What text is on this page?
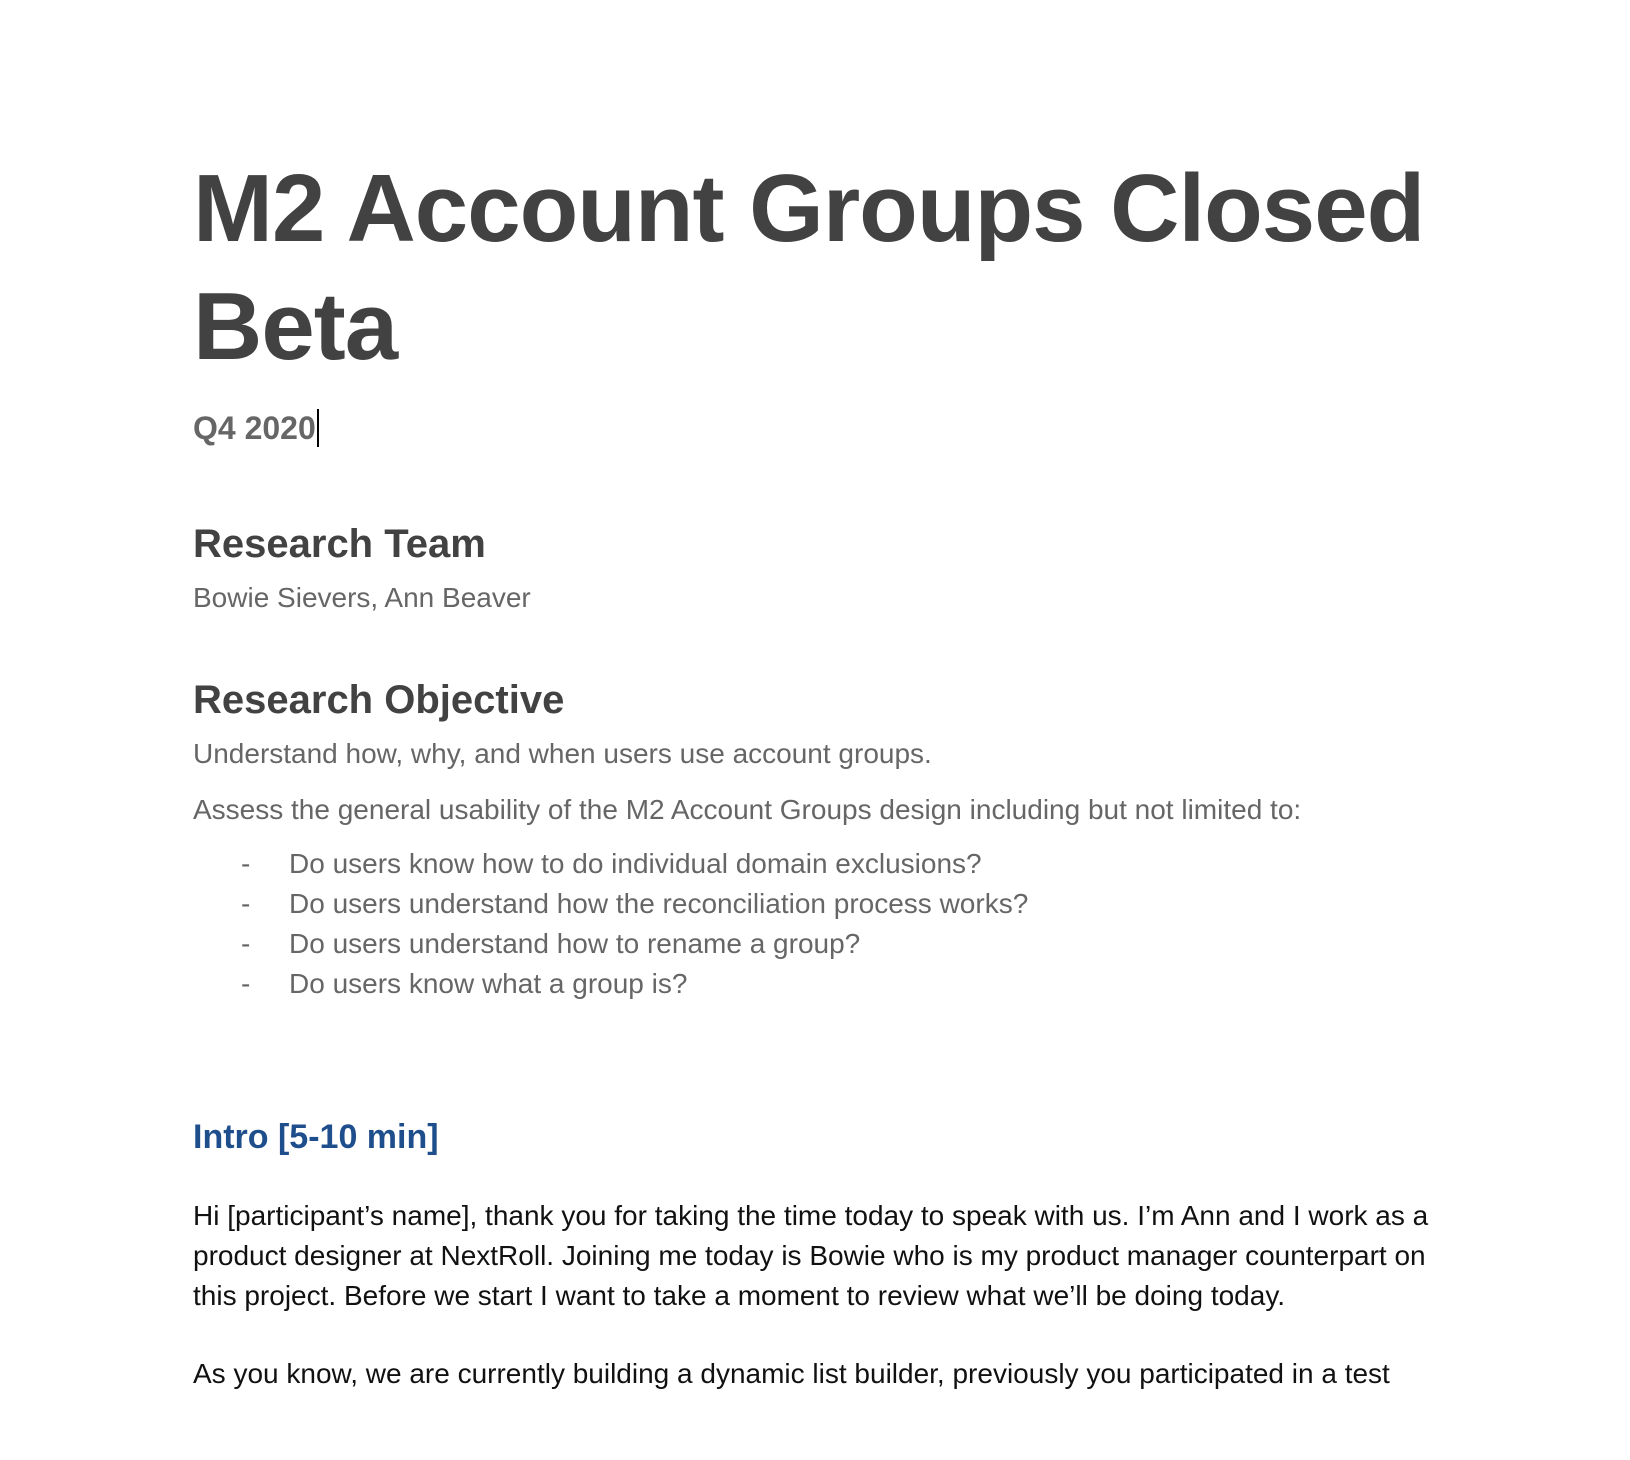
M2 Account Groups Closed Beta
Q4 2020
Research Team

Bowie Sievers, Ann Beaver

Research Objective

Understand how, why, and when users use account groups.

Assess the general usability of the M2 Account Groups design including but not limited to:

-	Do users know how to do individual domain exclusions?
-	Do users understand how the reconciliation process works?
-	Do users understand how to rename a group?
-	Do users know what a group is?
Intro [5-10 min]

Hi [participant’s name], thank you for taking the time today to speak with us. I’m Ann and I work as a product designer at NextRoll. Joining me today is Bowie who is my product manager counterpart on this project. Before we start I want to take a moment to review what we’ll be doing today.

As you know, we are currently building a dynamic list builder, previously you participated in a test
